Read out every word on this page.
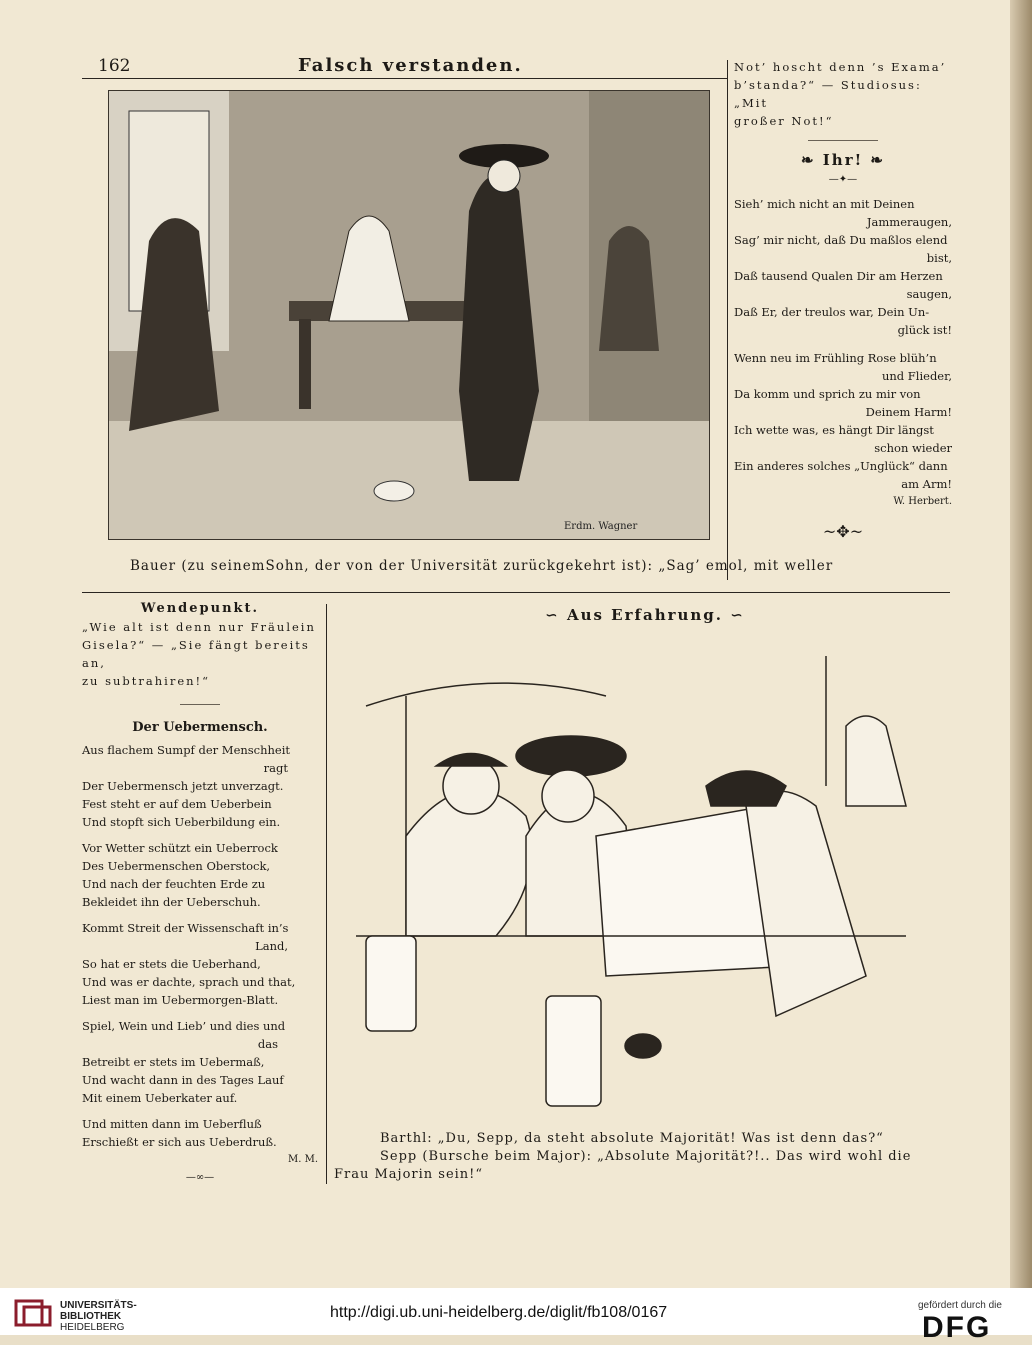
162	Falsch verstanden.
Erdm. Wagner
Bauer (zu seinemSohn, der von der Universität zurückgekehrt ist): „Sag’ emol, mit weller

Not’ hoscht denn ’s Exama’

b’standa?“ — Studiosus: „Mit

großer Not!“

❧ Ihr! ❧
—✦—

Sieh’ mich nicht an mit Deinen

Jammeraugen,

Sag’ mir nicht, daß Du maßlos elend

bist,

Daß tausend Qualen Dir am Herzen

saugen,

Daß Er, der treulos war, Dein Un-

glück ist!

Wenn neu im Frühling Rose blüh’n

und Flieder,

Da komm und sprich zu mir von

Deinem Harm!

Ich wette was, es hängt Dir längst

schon wieder

Ein anderes solches „Unglück“ dann

am Arm!

W. Herbert.

~✥~
Wendepunkt.

„Wie alt ist denn nur Fräulein

Gisela?“ — „Sie fängt bereits an,

zu subtrahiren!“

Der Uebermensch.

Aus flachem Sumpf der Menschheit

ragt

Der Uebermensch jetzt unverzagt.

Fest steht er auf dem Ueberbein

Und stopft sich Ueberbildung ein.

Vor Wetter schützt ein Ueberrock

Des Uebermenschen Oberstock,

Und nach der feuchten Erde zu

Bekleidet ihn der Ueberschuh.

Kommt Streit der Wissenschaft in’s

Land,

So hat er stets die Ueberhand,

Und was er dachte, sprach und that,

Liest man im Uebermorgen-Blatt.

Spiel, Wein und Lieb’ und dies und

das

Betreibt er stets im Uebermaß,

Und wacht dann in des Tages Lauf

Mit einem Ueberkater auf.

Und mitten dann im Ueberfluß

Erschießt er sich aus Ueberdruß.

M. M.

—∞—
∽ Aus Erfahrung. ∽

Barthl: „Du, Sepp, da steht absolute Majorität! Was ist denn das?“

Sepp (Bursche beim Major): „Absolute Majorität?!.. Das wird wohl die

Frau Majorin sein!“

UNIVERSITÄTS-
BIBLIOTHEK
HEIDELBERG
http://digi.ub.uni-heidelberg.de/diglit/fb108/0167	gefördert durch die
DFG
